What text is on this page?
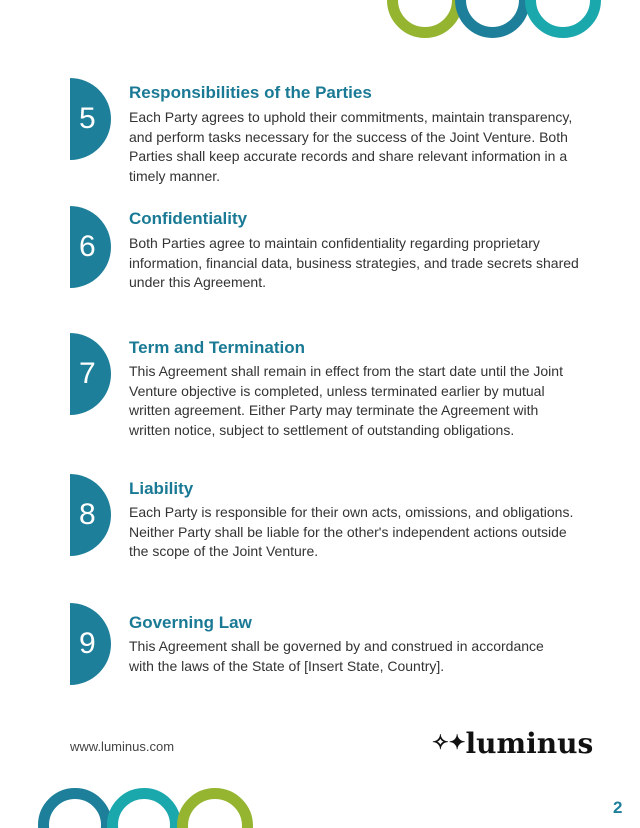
5
Responsibilities of the Parties

Each Party agrees to uphold their commitments, maintain transparency, and perform tasks necessary for the success of the Joint Venture. Both Parties shall keep accurate records and share relevant information in a timely manner.

6
Confidentiality

Both Parties agree to maintain confidentiality regarding proprietary information, financial data, business strategies, and trade secrets shared under this Agreement.

7
Term and Termination

This Agreement shall remain in effect from the start date until the Joint Venture objective is completed, unless terminated earlier by mutual written agreement. Either Party may terminate the Agreement with written notice, subject to settlement of outstanding obligations.

8
Liability

Each Party is responsible for their own acts, omissions, and obligations. Neither Party shall be liable for the other's independent actions outside the scope of the Joint Venture.

9
Governing Law

This Agreement shall be governed by and construed in accordance with the laws of the State of [Insert State, Country].

www.luminus.com	✧✦luminus
2
